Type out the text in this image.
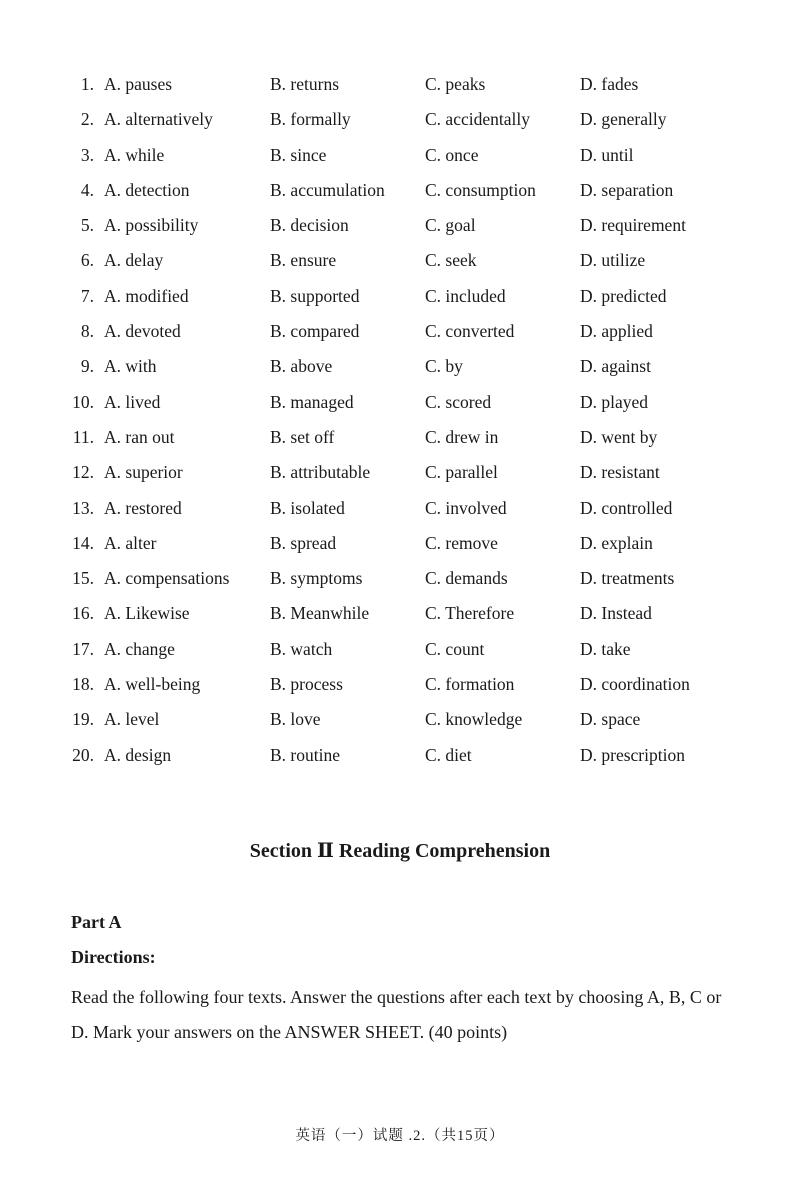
1. A. pauses	B. returns	C. peaks	D. fades
2. A. alternatively	B. formally	C. accidentally	D. generally
3. A. while	B. since	C. once	D. until
4. A. detection	B. accumulation C. consumption	D. separation
5. A. possibility	B. decision	C. goal	D. requirement
6. A. delay	B. ensure	C. seek	D. utilize
7. A. modified	B. supported	C. included	D. predicted
8. A. devoted	B. compared	C. converted	D. applied
9. A. with	B. above	C. by	D. against
10. A. lived	B. managed	C. scored	D. played
11. A. ran out	B. set off	C. drew in	D. went by
12. A. superior	B. attributable	C. parallel	D. resistant
13. A. restored	B. isolated	C. involved	D. controlled
14. A. alter	B. spread	C. remove	D. explain
15. A. compensations B. symptoms	C. demands	D. treatments
16. A. Likewise	B. Meanwhile	C. Therefore	D. Instead
17. A. change	B. watch	C. count	D. take
18. A. well-being	B. process	C. formation	D. coordination
19. A. level	B. love	C. knowledge	D. space
20. A. design	B. routine	C. diet	D. prescription
Section Ⅱ Reading Comprehension
Part A
Directions:
Read the following four texts. Answer the questions after each text by choosing A, B, C or D. Mark your answers on the ANSWER SHEET. (40 points)
英语（一）试题 .2.（共15页）
